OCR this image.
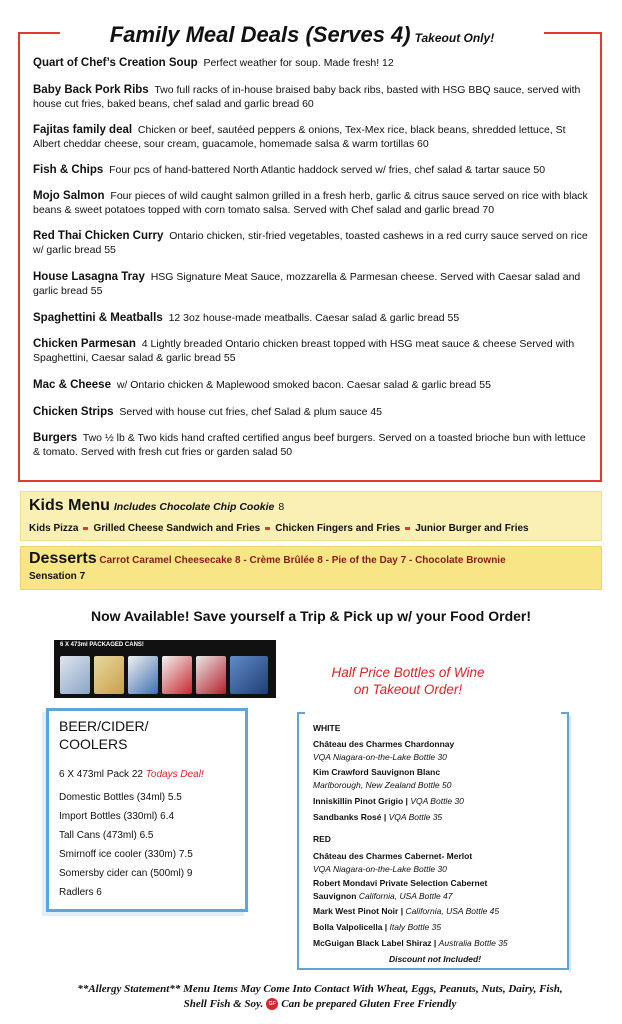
Family Meal Deals (Serves 4) Takeout Only!
Quart of Chef’s Creation Soup Perfect weather for soup. Made fresh! 12
Baby Back Pork Ribs Two full racks of in-house braised baby back ribs, basted with HSG BBQ sauce, served with house cut fries, baked beans, chef salad and garlic bread 60
Fajitas family deal Chicken or beef, sautéed peppers & onions, Tex-Mex rice, black beans, shredded lettuce, St Albert cheddar cheese, sour cream, guacamole, homemade salsa & warm tortillas 60
Fish & Chips Four pcs of hand-battered North Atlantic haddock served w/ fries, chef salad & tartar sauce 50
Mojo Salmon Four pieces of wild caught salmon grilled in a fresh herb, garlic & citrus sauce served on rice with black beans & sweet potatoes topped with corn tomato salsa. Served with Chef salad and garlic bread 70
Red Thai Chicken Curry Ontario chicken, stir-fried vegetables, toasted cashews in a red curry sauce served on rice w/ garlic bread 55
House Lasagna Tray HSG Signature Meat Sauce, mozzarella & Parmesan cheese. Served with Caesar salad and garlic bread 55
Spaghettini & Meatballs 12 3oz house-made meatballs. Caesar salad & garlic bread 55
Chicken Parmesan 4 Lightly breaded Ontario chicken breast topped with HSG meat sauce & cheese Served with Spaghettini, Caesar salad & garlic bread 55
Mac & Cheese w/ Ontario chicken & Maplewood smoked bacon. Caesar salad & garlic bread 55
Chicken Strips Served with house cut fries, chef Salad & plum sauce 45
Burgers Two ½ lb & Two kids hand crafted certified angus beef burgers. Served on a toasted brioche bun with lettuce & tomato. Served with fresh cut fries or garden salad 50
Kids Menu Includes Chocolate Chip Cookie 8
Kids Pizza Grilled Cheese Sandwich and Fries Chicken Fingers and Fries Junior Burger and Fries
Desserts Carrot Caramel Cheesecake 8 - Crème Brûlée 8 - Pie of the Day 7 - Chocolate Brownie
Sensation 7
Now Available! Save yourself a Trip & Pick up w/ your Food Order!
6 X 473ml PACKAGED CANS!
Half Price Bottles of Wine
on Takeout Order!
BEER/CIDER/
COOLERS
6 X 473ml Pack 22 Todays Deal!
Domestic Bottles (34ml) 5.5
Import Bottles (330ml) 6.4
Tall Cans (473ml) 6.5
Smirnoff ice cooler (330m) 7.5
Somersby cider can (500ml) 9
Radlers 6
WHITE
Château des Charmes Chardonnay
VQA Niagara-on-the-Lake Bottle 30
Kim Crawford Sauvignon Blanc
Marlborough, New Zealand Bottle 50
Inniskillin Pinot Grigio | VQA Bottle 30
Sandbanks Rosé | VQA Bottle 35
RED
Château des Charmes Cabernet- Merlot
VQA Niagara-on-the-Lake Bottle 30
Robert Mondavi Private Selection Cabernet
Sauvignon California, USA Bottle 47
Mark West Pinot Noir | California, USA Bottle 45
Bolla Valpolicella | Italy Bottle 35
McGuigan Black Label Shiraz | Australia Bottle 35
Discount not Included!
**Allergy Statement** Menu Items May Come Into Contact With Wheat, Eggs, Peanuts, Nuts, Dairy, Fish,
Shell Fish & Soy. GF Can be prepared Gluten Free Friendly
